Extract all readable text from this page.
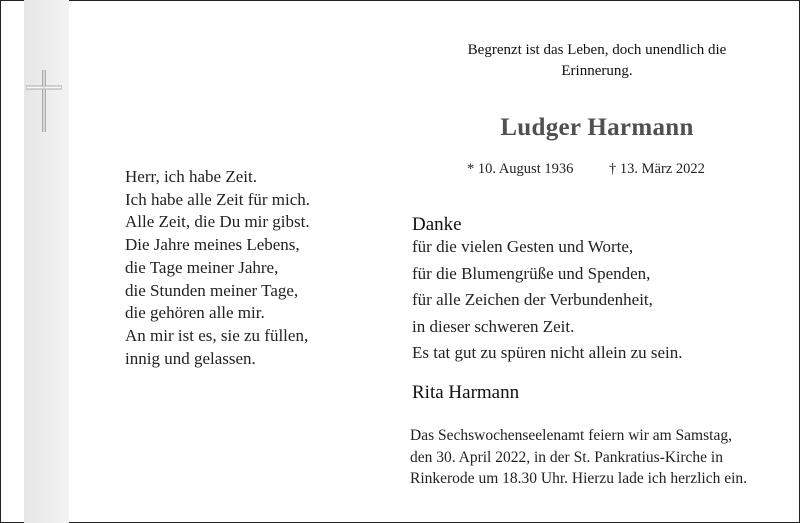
Begrenzt ist das Leben, doch unendlich die
Erinnerung.
Ludger Harmann
* 10. August 1936 † 13. März 2022
Herr, ich habe Zeit.
Ich habe alle Zeit für mich.
Alle Zeit, die Du mir gibst.
Die Jahre meines Lebens,
die Tage meiner Jahre,
die Stunden meiner Tage,
die gehören alle mir.
An mir ist es, sie zu füllen,
innig und gelassen.
Danke
für die vielen Gesten und Worte,
für die Blumengrüße und Spenden,
für alle Zeichen der Verbundenheit,
in dieser schweren Zeit.
Es tat gut zu spüren nicht allein zu sein.
Rita Harmann
Das Sechswochenseelenamt feiern wir am Samstag,
den 30. April 2022, in der St. Pankratius-Kirche in
Rinkerode um 18.30 Uhr. Hierzu lade ich herzlich ein.
